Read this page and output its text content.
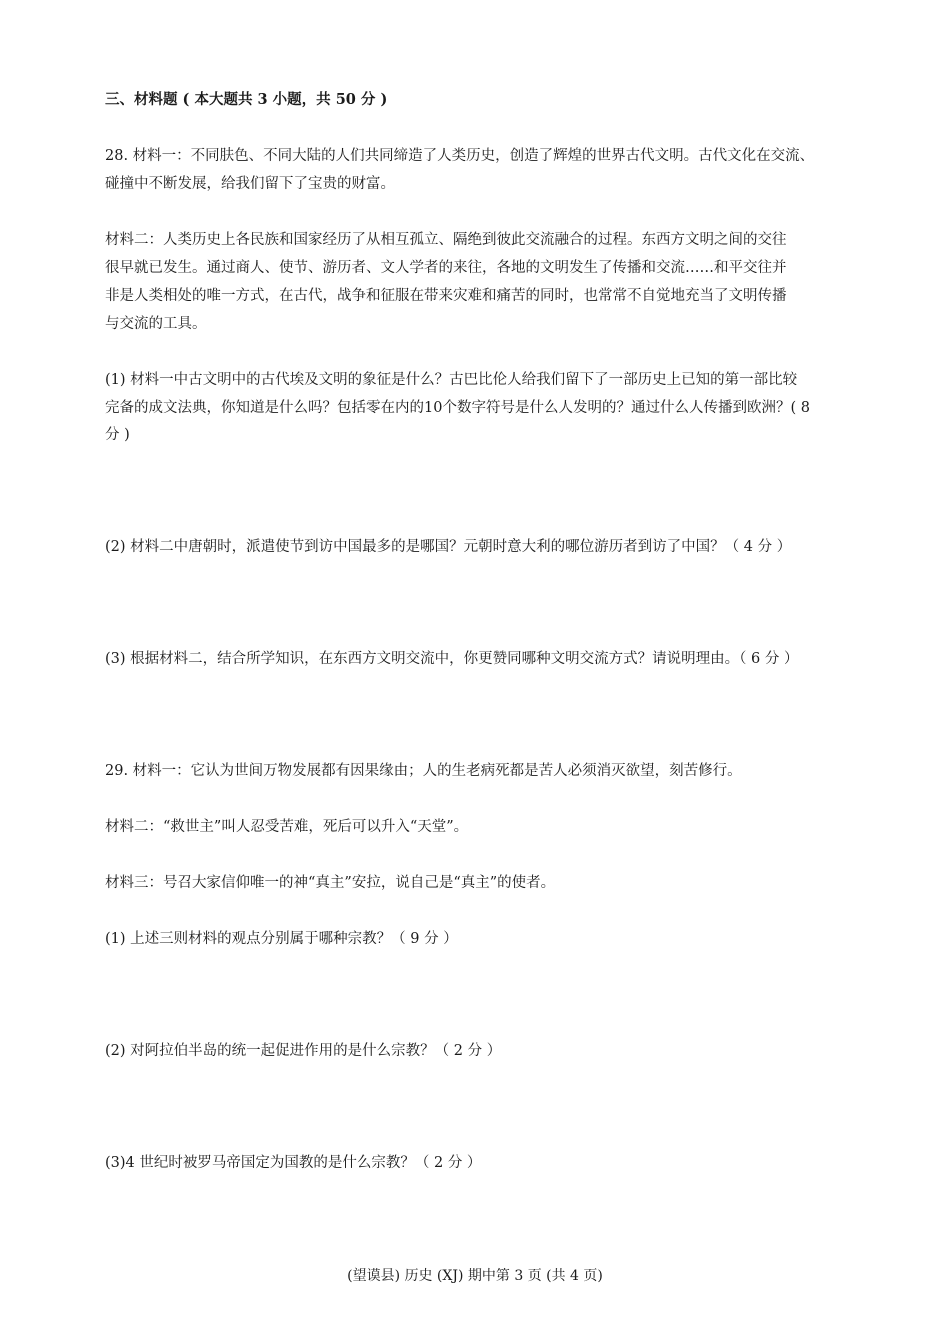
三、材料题 ( 本大题共 3 小题，共 50 分 )
28. 材料一：不同肤色、不同大陆的人们共同缔造了人类历史，创造了辉煌的世界古代文明。古代文化在交流、
碰撞中不断发展，给我们留下了宝贵的财富。
材料二：人类历史上各民族和国家经历了从相互孤立、隔绝到彼此交流融合的过程。东西方文明之间的交往
很早就已发生。通过商人、使节、游历者、文人学者的来往，各地的文明发生了传播和交流……和平交往并
非是人类相处的唯一方式，在古代，战争和征服在带来灾难和痛苦的同时，也常常不自觉地充当了文明传播
与交流的工具。
(1) 材料一中古文明中的古代埃及文明的象征是什么？古巴比伦人给我们留下了一部历史上已知的第一部比较
完备的成文法典，你知道是什么吗？包括零在内的10个数字符号是什么人发明的？通过什么人传播到欧洲？( 8
分 )
(2) 材料二中唐朝时，派遣使节到访中国最多的是哪国？元朝时意大利的哪位游历者到访了中国？（ 4 分 ）
(3) 根据材料二，结合所学知识，在东西方文明交流中，你更赞同哪种文明交流方式？请说明理由。（ 6 分 ）
29. 材料一：它认为世间万物发展都有因果缘由；人的生老病死都是苦人必须消灭欲望，刻苦修行。
材料二：“救世主”叫人忍受苦难，死后可以升入“天堂”。
材料三：号召大家信仰唯一的神“真主”安拉，说自己是“真主”的使者。
(1) 上述三则材料的观点分别属于哪种宗教？（ 9 分 ）
(2) 对阿拉伯半岛的统一起促进作用的是什么宗教？（ 2 分 ）
(3)4 世纪时被罗马帝国定为国教的是什么宗教？（ 2 分 ）
(望谟县) 历史 (XJ) 期中第 3 页 (共 4 页)
